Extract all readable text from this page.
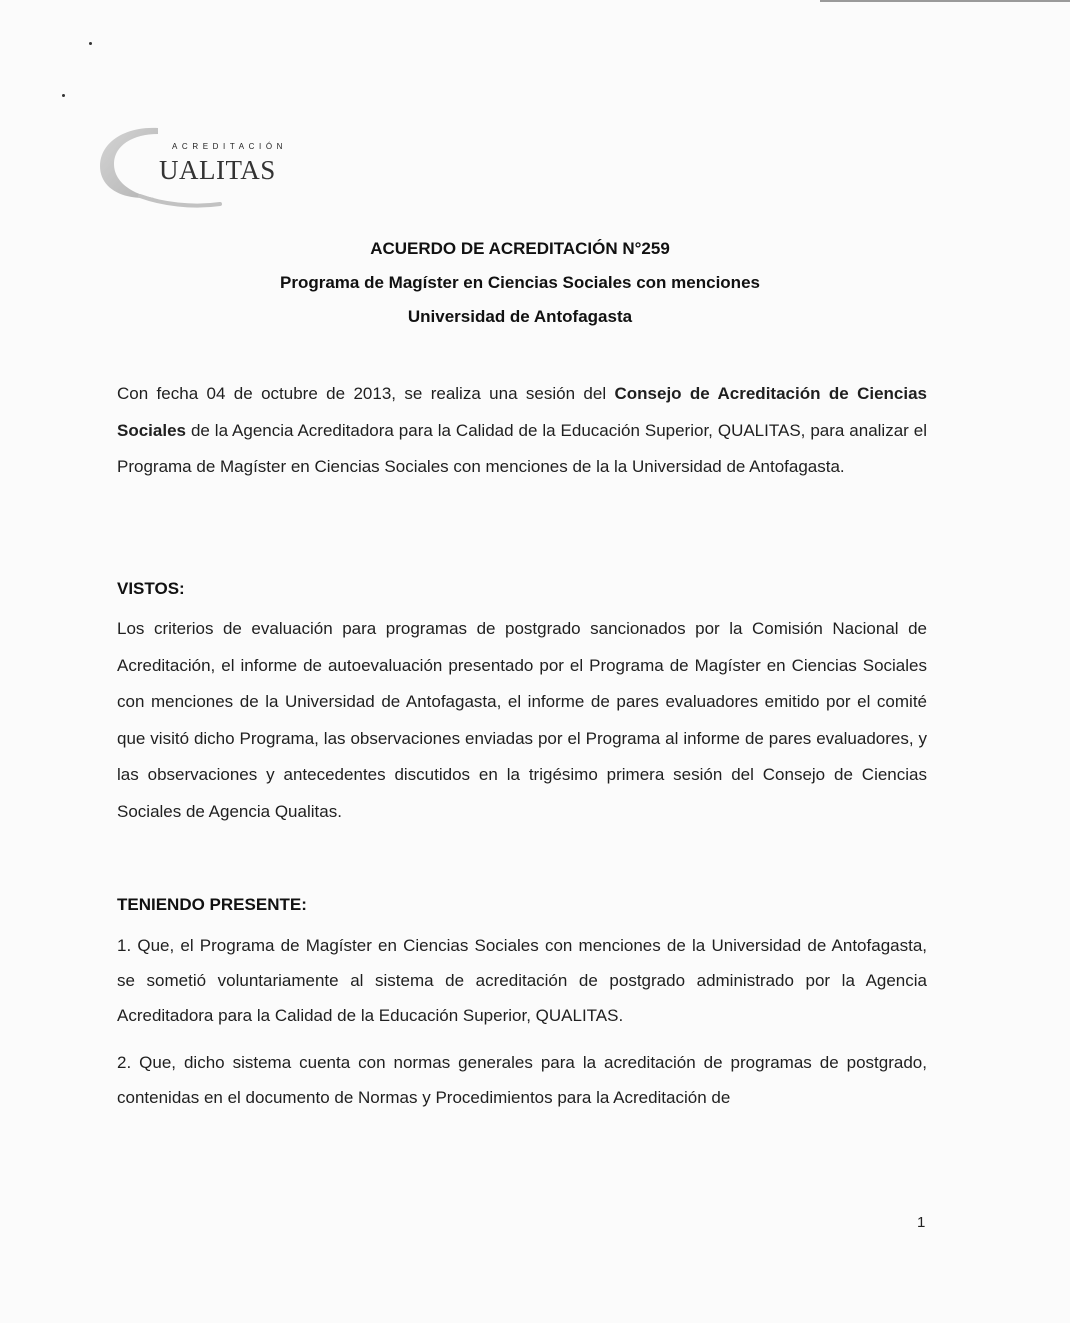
ACREDITACIÓN
UALITAS
ACUERDO DE ACREDITACIÓN N°259
Programa de Magíster en Ciencias Sociales con menciones
Universidad de Antofagasta
Con fecha 04 de octubre de 2013, se realiza una sesión del Consejo de Acreditación de Ciencias Sociales de la Agencia Acreditadora para la Calidad de la Educación Superior, QUALITAS, para analizar el Programa de Magíster en Ciencias Sociales con menciones de la la Universidad de Antofagasta.
VISTOS:
Los criterios de evaluación para programas de postgrado sancionados por la Comisión Nacional de Acreditación, el informe de autoevaluación presentado por el Programa de Magíster en Ciencias Sociales con menciones de la Universidad de Antofagasta, el informe de pares evaluadores emitido por el comité que visitó dicho Programa, las observaciones enviadas por el Programa al informe de pares evaluadores, y las observaciones y antecedentes discutidos en la trigésimo primera sesión del Consejo de Ciencias Sociales de Agencia Qualitas.
TENIENDO PRESENTE:
1. Que, el Programa de Magíster en Ciencias Sociales con menciones de la Universidad de Antofagasta, se sometió voluntariamente al sistema de acreditación de postgrado administrado por la Agencia Acreditadora para la Calidad de la Educación Superior, QUALITAS.
2. Que, dicho sistema cuenta con normas generales para la acreditación de programas de postgrado, contenidas en el documento de Normas y Procedimientos para la Acreditación de
1
